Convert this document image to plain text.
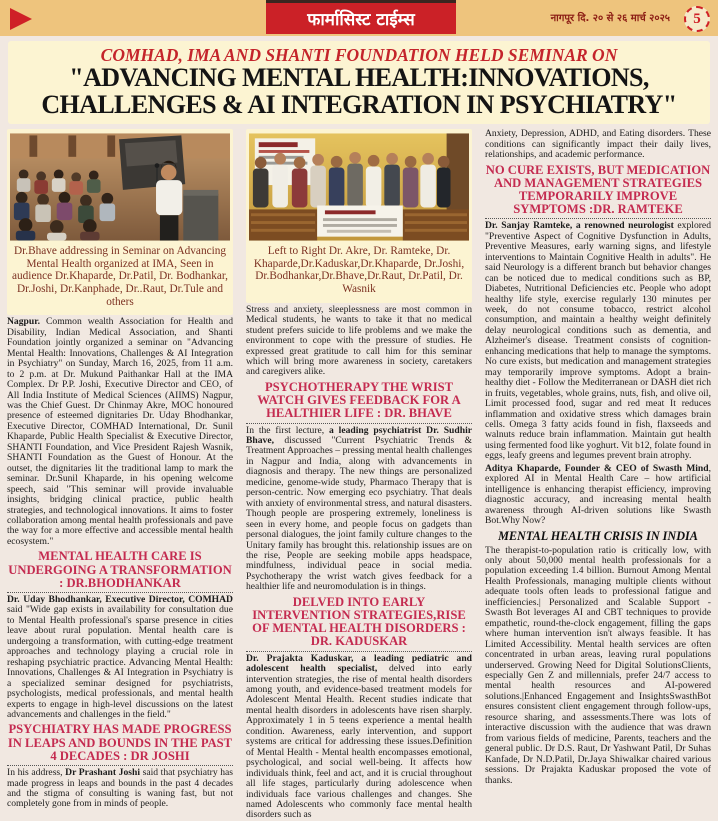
फार्मासिस्ट टाईम्स	नागपूर दि. २० से २६ मार्च २०२५	5
COMHAD, IMA AND SHANTI FOUNDATION HELD SEMINAR ON
"ADVANCING MENTAL HEALTH:INNOVATIONS,
CHALLENGES & AI INTEGRATION IN PSYCHIATRY"
Dr.Bhave addressing in Seminar on Advancing Mental Health organized at IMA, Seen in audience Dr.Khaparde, Dr.Patil, Dr. Bodhankar, Dr.Joshi, Dr.Kanphade, Dr..Raut, Dr.Tule and others

Nagpur. Common wealth Association for Health and Disability, Indian Medical Association, and Shanti Foundation jointly organized a seminar on "Advancing Mental Health: Innovations, Challenges & AI Integration in Psychiatry" on Sunday, March 16, 2025, from 11 a.m. to 2 p.m. at Dr. Mukund Paithankar Hall at the IMA Complex. Dr P.P. Joshi, Executive Director and CEO, of All India Institute of Medical Sciences (AIIMS) Nagpur, was the Chief Guest. Dr Chinmay Akre, MOC honoured presence of esteemed dignitaries Dr. Uday Bhodhankar, Executive Director, COMHAD International, Dr. Sunil Khaparde, Public Health Specialist & Executive Director, SHANTI Foundation, and Vice President Rajesh Wasnik, SHANTI Foundation as the Guest of Honour. At the outset, the dignitaries lit the traditional lamp to mark the seminar. Dr.Sunil Khaparde, in his opening welcome speech, said "This seminar will provide invaluable insights, bridging clinical practice, public health strategies, and technological innovations. It aims to foster collaboration among mental health professionals and pave the way for a more effective and accessible mental health ecosystem."

MENTAL HEALTH CARE IS UNDERGOING A TRANSFORMATION : DR.BHODHANKAR

Dr. Uday Bhodhankar, Executive Director, COMHAD said "Wide gap exists in availability for consultation due to Mental Health professional's sparse presence in cities leave about rural population. Mental health care is undergoing a transformation, with cutting-edge treatment approaches and technology playing a crucial role in reshaping psychiatric practice. Advancing Mental Health: Innovations, Challenges & AI Integration in Psychiatry is a specialized seminar designed for psychiatrists, psychologists, medical professionals, and mental health experts to engage in high-level discussions on the latest advancements and challenges in the field."

PSYCHIATRY HAS MADE PROGRESS IN LEAPS AND BOUNDS IN THE PAST 4 DECADES : DR JOSHI

In his address, Dr Prashant Joshi said that psychiatry has made progress in leaps and bounds in the past 4 decades and the stigma of consulting is waning fast, but not completely gone from in minds of people.

Left to Right Dr. Akre, Dr. Ramteke, Dr. Khaparde,Dr.Kaduskar,Dr.Khaparde, Dr.Joshi, Dr.Bodhankar,Dr.Bhave,Dr.Raut, Dr.Patil, Dr. Wasnik

Stress and anxiety, sleeplessness are most common in Medical students, he wants to take it that no medical student prefers suicide to life problems and we make the environment to cope with the pressure of studies. He expressed great gratitude to call him for this seminar which will bring more awareness in society, caretakers and caregivers alike.

PSYCHOTHERAPY THE WRIST WATCH GIVES FEEDBACK FOR A HEALTHIER LIFE : DR. BHAVE

In the first lecture, a leading psychiatrist Dr. Sudhir Bhave, discussed "Current Psychiatric Trends & Treatment Approaches – pressing mental health challenges in Nagpur and India, along with advancements in diagnosis and therapy. The new things are personalized medicine, genome-wide study, Pharmaco Therapy that is person-centric. Now emerging eco psychiatry. That deals with anxiety of environmental stress, and natural disasters. Though people are prospering extremely, loneliness is seen in every home, and people focus on gadgets than personal dialogues, the joint family culture changes to the Unitary family has brought this. relationship issues are on the rise, People are seeking mobile apps headspace, mindfulness, individual peace in social media. Psychotherapy the wrist watch gives feedback for a healthier life and neuromodulation is in things.

DELVED INTO EARLY INTERVENTION STRATEGIES,RISE OF MENTAL HEALTH DISORDERS : DR. KADUSKAR

Dr. Prajakta Kaduskar, a leading pediatric and adolescent health specialist, delved into early intervention strategies, the rise of mental health disorders among youth, and evidence-based treatment models for Adolescent Mental Health. Recent studies indicate that mental health disorders in adolescents have risen sharply. Approximately 1 in 5 teens experience a mental health condition. Awareness, early intervention, and support systems are critical for addressing these issues.Definition of Mental Health - Mental health encompasses emotional, psychological, and social well-being. It affects how individuals think, feel and act, and it is crucial throughout all life stages, particularly during adolescence when individuals face various challenges and changes. She named Adolescents who commonly face mental health disorders such as

Anxiety, Depression, ADHD, and Eating disorders. These conditions can significantly impact their daily lives, relationships, and academic performance.

NO CURE EXISTS, BUT MEDICATION AND MANAGEMENT STRATEGIES TEMPORARILY IMPROVE SYMPTOMS :DR. RAMTEKE

Dr. Sanjay Ramteke, a renowned neurologist explored "Preventive Aspect of Cognitive Dysfunction in Adults, Preventive Measures, early warning signs, and lifestyle interventions to Maintain Cognitive Health in adults". He said Neurology is a different branch but behavior changes can be noticed due to medical conditions such as BP, Diabetes, Nutritional Deficiencies etc. People who adopt healthy life style, exercise regularly 130 minutes per week, do not consume tobacco, restrict alcohol consumption, and maintain a healthy weight definitely delay neurological conditions such as dementia, and Alzheimer's disease. Treatment consists of cognition-enhancing medications that help to manage the symptoms. No cure exists, but medication and management strategies may temporarily improve symptoms. Adopt a brain-healthy diet - Follow the Mediterranean or DASH diet rich in fruits, vegetables, whole grains, nuts, fish, and olive oil, Limit processed food, sugar and red meat It reduces inflammation and oxidative stress which damages brain cells. Omega 3 fatty acids found in fish, flaxseeds and walnuts reduce brain inflammation. Maintain gut health using fermented food like yoghurt. Vit b12, folate found in eggs, leafy greens and legumes prevent brain atrophy.

Aditya Khaparde, Founder & CEO of Swasth Mind, explored AI in Mental Health Care – how artificial intelligence is enhancing therapist efficiency, improving diagnostic accuracy, and increasing mental health awareness through AI-driven solutions like Swasth Bot.Why Now?

MENTAL HEALTH CRISIS IN INDIA

The therapist-to-population ratio is critically low, with only about 50,000 mental health professionals for a population exceeding 1.4 billion. Burnout Among Mental Health Professionals, managing multiple clients without adequate tools often leads to professional fatigue and inefficiencies.| Personalized and Scalable Support - Swasth Bot leverages AI and CBT techniques to provide empathetic, round-the-clock engagement, filling the gaps where human intervention isn't always feasible. It has Limited Accessibility. Mental health services are often concentrated in urban areas, leaving rural populations underserved. Growing Need for Digital SolutionsClients, especially Gen Z and millennials, prefer 24/7 access to mental health resources and AI-powered solutions.|Enhanced Engagement and InsightsSwasthBot ensures consistent client engagement through follow-ups, resource sharing, and assessments.There was lots of interactive discussion with the audience that was drawn from various fields of medicine, Parents, teachers and the general public. Dr D.S. Raut, Dr Yashwant Patil, Dr Suhas Kanfade, Dr N.D.Patil, Dr.Jaya Shiwalkar chaired various sessions. Dr Prajakta Kaduskar proposed the vote of thanks.
